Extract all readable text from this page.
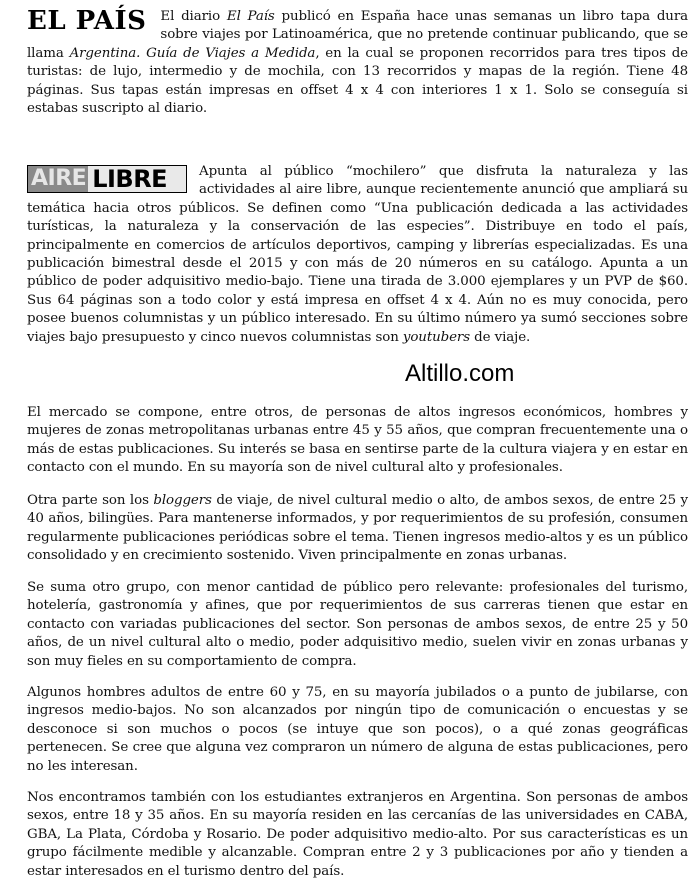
EL PAÍS El diario El País publicó en España hace unas semanas un libro tapa dura sobre viajes por Latinoamérica, que no pretende continuar publicando, que se llama Argentina. Guía de Viajes a Medida, en la cual se proponen recorridos para tres tipos de turistas: de lujo, intermedio y de mochila, con 13 recorridos y mapas de la región. Tiene 48 páginas. Sus tapas están impresas en offset 4 x 4 con interiores 1 x 1. Solo se conseguía si estabas suscripto al diario.

AIRE LIBRE	Apunta al público “mochilero” que disfruta la naturaleza y las actividades al aire libre, aunque recientemente anunció que ampliará su temática hacia otros públicos. Se definen como “Una publicación dedicada a las actividades turísticas, la naturaleza y la conservación de las especies”. Distribuye en todo el país, principalmente en comercios de artículos deportivos, camping y librerías especializadas. Es una publicación bimestral desde el 2015 y con más de 20 números en su catálogo. Apunta a un público de poder adquisitivo medio-bajo. Tiene una tirada de 3.000 ejemplares y un PVP de $60. Sus 64 páginas son a todo color y está impresa en offset 4 x 4. Aún no es muy conocida, pero posee buenos columnistas y un público interesado. En su último número ya sumó secciones sobre viajes bajo presupuesto y cinco nuevos columnistas son youtubers de viaje.

Altillo.com

El mercado se compone, entre otros, de personas de altos ingresos económicos, hombres y mujeres de zonas metropolitanas urbanas entre 45 y 55 años, que compran frecuentemente una o más de estas publicaciones. Su interés se basa en sentirse parte de la cultura viajera y en estar en contacto con el mundo. En su mayoría son de nivel cultural alto y profesionales.

Otra parte son los bloggers de viaje, de nivel cultural medio o alto, de ambos sexos, de entre 25 y 40 años, bilingües. Para mantenerse informados, y por requerimientos de su profesión, consumen regularmente publicaciones periódicas sobre el tema. Tienen ingresos medio-altos y es un público consolidado y en crecimiento sostenido. Viven principalmente en zonas urbanas.

Se suma otro grupo, con menor cantidad de público pero relevante: profesionales del turismo, hotelería, gastronomía y afines, que por requerimientos de sus carreras tienen que estar en contacto con variadas publicaciones del sector. Son personas de ambos sexos, de entre 25 y 50 años, de un nivel cultural alto o medio, poder adquisitivo medio, suelen vivir en zonas urbanas y son muy fieles en su comportamiento de compra.

Algunos hombres adultos de entre 60 y 75, en su mayoría jubilados o a punto de jubilarse, con ingresos medio-bajos. No son alcanzados por ningún tipo de comunicación o encuestas y se desconoce si son muchos o pocos (se intuye que son pocos), o a qué zonas geográficas pertenecen. Se cree que alguna vez compraron un número de alguna de estas publicaciones, pero no les interesan.

Nos encontramos también con los estudiantes extranjeros en Argentina. Son personas de ambos sexos, entre 18 y 35 años. En su mayoría residen en las cercanías de las universidades en CABA, GBA, La Plata, Córdoba y Rosario. De poder adquisitivo medio-alto. Por sus características es un grupo fácilmente medible y alcanzable. Compran entre 2 y 3 publicaciones por año y tienden a estar interesados en el turismo dentro del país.
